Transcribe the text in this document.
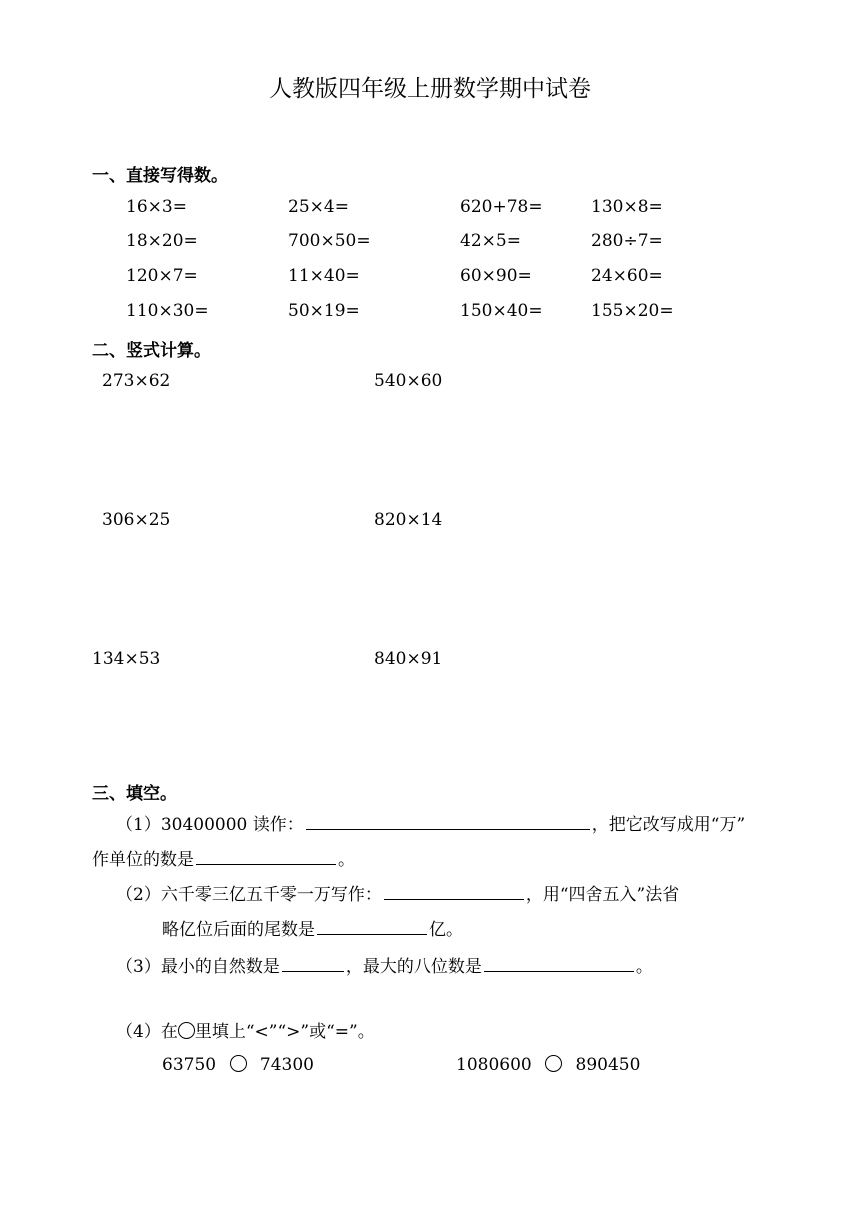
人教版四年级上册数学期中试卷
一、直接写得数。
16×3=	25×4=	620+78=	130×8=
18×20=	700×50=	42×5=	280÷7=
120×7=	11×40=	60×90=	24×60=
110×30=	50×19=	150×40=	155×20=
二、竖式计算。
273×62	540×60
306×25	820×14
134×53	840×91
三、填空。
（1）30400000 读作：	，把它改写成用“万”
作单位的数是	。
（2）六千零三亿五千零一万写作：	，用“四舍五入”法省
略亿位后面的尾数是	亿。
（3）最小的自然数是	，最大的八位数是	。
（4）在 里填上“<”“>”或“=”。
63750	74300	1080600	890450
